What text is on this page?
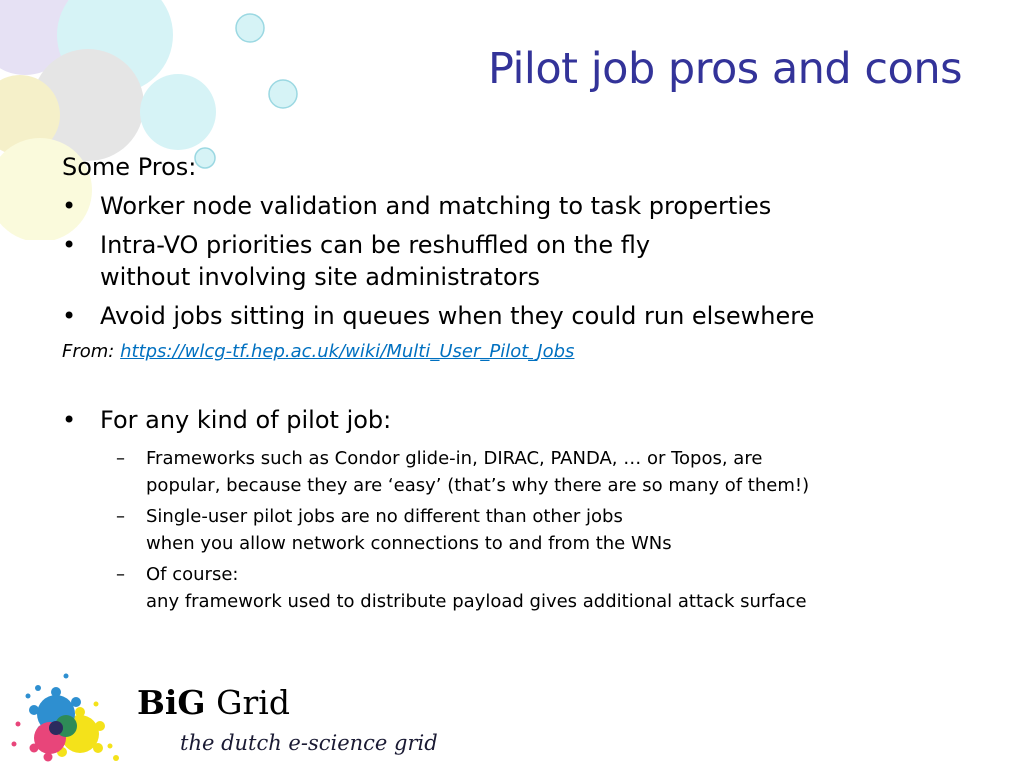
Pilot job pros and cons
Some Pros:
• Worker node validation and matching to task properties
• Intra-VO priorities can be reshuffled on the fly
without involving site administrators
• Avoid jobs sitting in queues when they could run elsewhere
From: https://wlcg-tf.hep.ac.uk/wiki/Multi_User_Pilot_Jobs
• For any kind of pilot job:
– Frameworks such as Condor glide-in, DIRAC, PANDA, … or Topos, are
popular, because they are ‘easy’ (that’s why there are so many of them!)
– Single-user pilot jobs are no different than other jobs
when you allow network connections to and from the WNs
– Of course:
any framework used to distribute payload gives additional attack surface
BiG Grid
the dutch e-science grid
